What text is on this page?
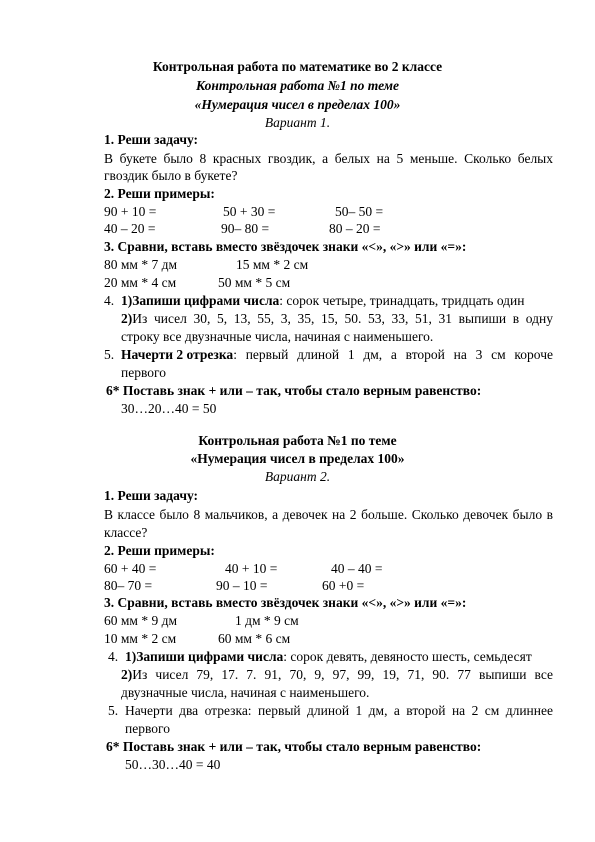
Контрольная работа по математике во 2 классе
Контрольная работа №1 по теме
«Нумерация чисел в пределах 100»
Вариант 1.
1. Реши задачу:
В букете было 8 красных гвоздик, а белых на 5 меньше. Сколько белых
гвоздик было в букете?
2. Реши примеры:
90 + 10 =	50 + 30 =	50– 50 =
40 – 20 =	90– 80 =	80 – 20 =
3. Сравни, вставь вместо звёздочек знаки «<», «>» или «=»:
80 мм * 7 дм	15 мм * 2 см
20 мм * 4 см	50 мм * 5 см
4. 1)Запиши цифрами числа: сорок четыре, тринадцать, тридцать один
2) Из чисел 30, 5, 13, 55, 3, 35, 15, 50. 53, 33, 51, 31 выпиши в одну
строку все двузначные числа, начиная с наименьшего.
5. Начерти 2 отрезка : первый длиной 1 дм, а второй на 3 см короче
первого
6* Поставь знак + или – так, чтобы стало верным равенство:
30…20…40 = 50
Контрольная работа №1 по теме
«Нумерация чисел в пределах 100»
Вариант 2.
1. Реши задачу:
В классе было 8 мальчиков, а девочек на 2 больше. Сколько девочек было в
классе?
2. Реши примеры:
60 + 40 =	40 + 10 =	40 – 40 =
80– 70 =	90 – 10 =	60 +0 =
3. Сравни, вставь вместо звёздочек знаки «<», «>» или «=»:
60 мм * 9 дм	1 дм * 9 см
10 мм * 2 см	60 мм * 6 см
4. 1)Запиши цифрами числа: сорок девять, девяносто шесть, семьдесят
2) Из чисел 79, 17. 7. 91, 70, 9, 97, 99, 19, 71, 90. 77 выпиши все
двузначные числа, начиная с наименьшего.
5. Начерти два отрезка: первый длиной 1 дм, а второй на 2 см длиннее
первого
6* Поставь знак + или – так, чтобы стало верным равенство:
50…30…40 = 40
